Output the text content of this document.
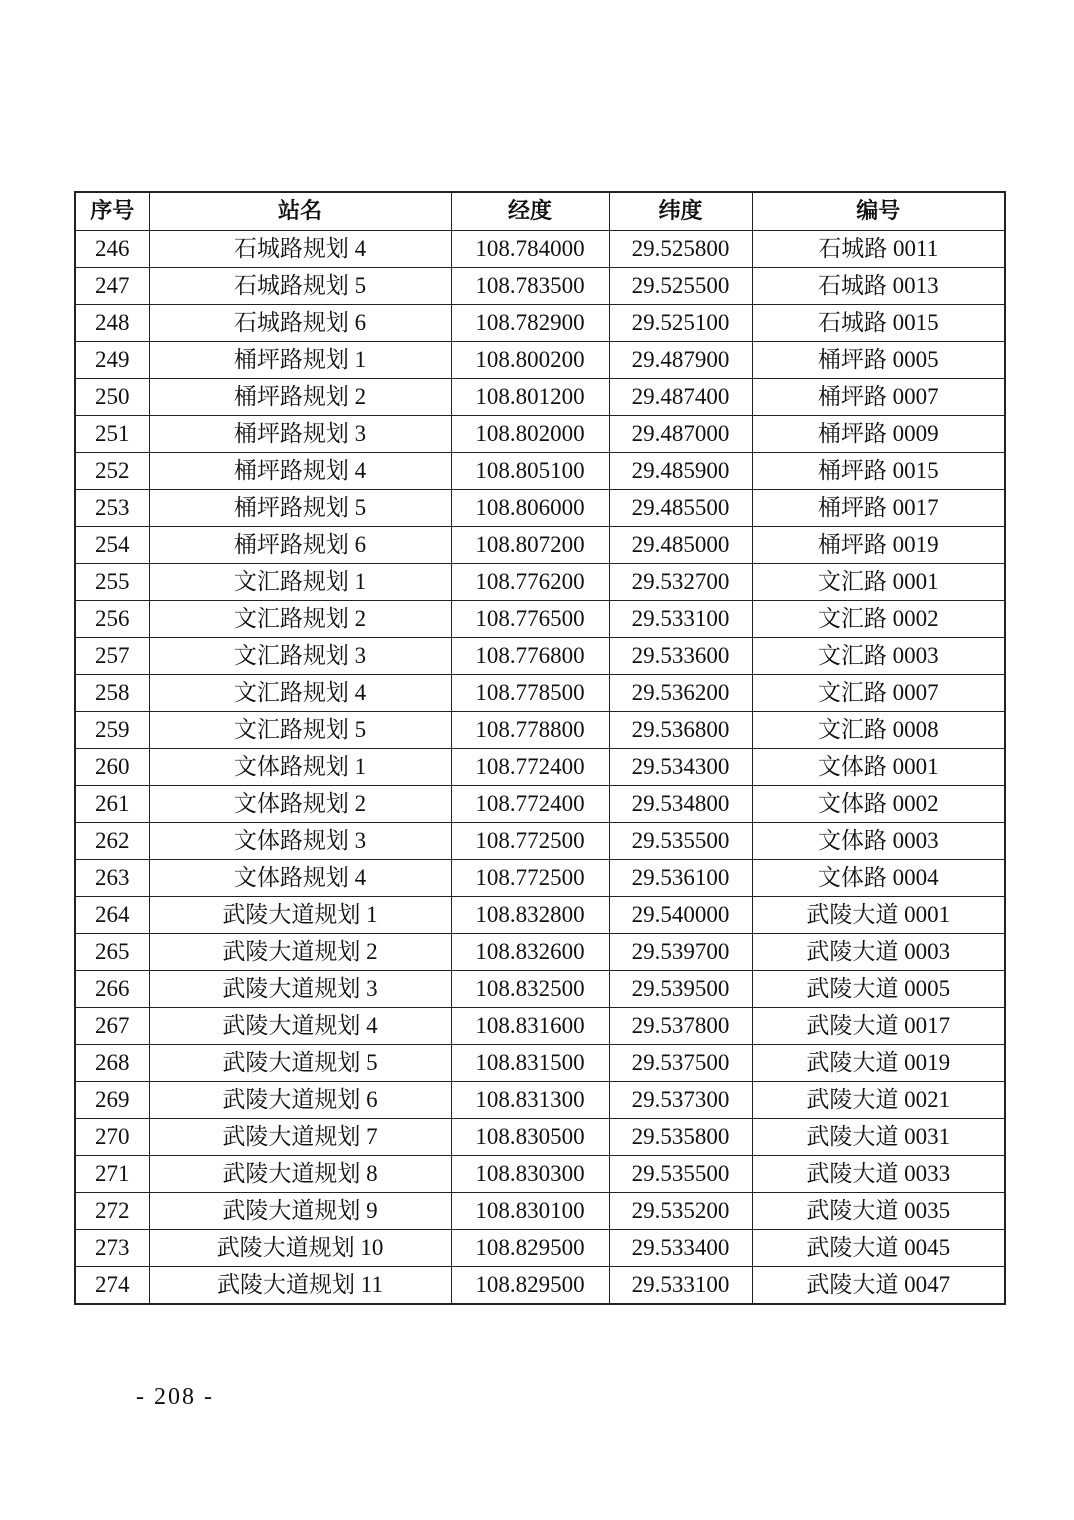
序号	站名	经度	纬度	编号
246	石城路规划 4	108.784000	29.525800	石城路 0011
247	石城路规划 5	108.783500	29.525500	石城路 0013
248	石城路规划 6	108.782900	29.525100	石城路 0015
249	桶坪路规划 1	108.800200	29.487900	桶坪路 0005
250	桶坪路规划 2	108.801200	29.487400	桶坪路 0007
251	桶坪路规划 3	108.802000	29.487000	桶坪路 0009
252	桶坪路规划 4	108.805100	29.485900	桶坪路 0015
253	桶坪路规划 5	108.806000	29.485500	桶坪路 0017
254	桶坪路规划 6	108.807200	29.485000	桶坪路 0019
255	文汇路规划 1	108.776200	29.532700	文汇路 0001
256	文汇路规划 2	108.776500	29.533100	文汇路 0002
257	文汇路规划 3	108.776800	29.533600	文汇路 0003
258	文汇路规划 4	108.778500	29.536200	文汇路 0007
259	文汇路规划 5	108.778800	29.536800	文汇路 0008
260	文体路规划 1	108.772400	29.534300	文体路 0001
261	文体路规划 2	108.772400	29.534800	文体路 0002
262	文体路规划 3	108.772500	29.535500	文体路 0003
263	文体路规划 4	108.772500	29.536100	文体路 0004
264	武陵大道规划 1	108.832800	29.540000	武陵大道 0001
265	武陵大道规划 2	108.832600	29.539700	武陵大道 0003
266	武陵大道规划 3	108.832500	29.539500	武陵大道 0005
267	武陵大道规划 4	108.831600	29.537800	武陵大道 0017
268	武陵大道规划 5	108.831500	29.537500	武陵大道 0019
269	武陵大道规划 6	108.831300	29.537300	武陵大道 0021
270	武陵大道规划 7	108.830500	29.535800	武陵大道 0031
271	武陵大道规划 8	108.830300	29.535500	武陵大道 0033
272	武陵大道规划 9	108.830100	29.535200	武陵大道 0035
273	武陵大道规划 10	108.829500	29.533400	武陵大道 0045
274	武陵大道规划 11	108.829500	29.533100	武陵大道 0047
- 208 -
